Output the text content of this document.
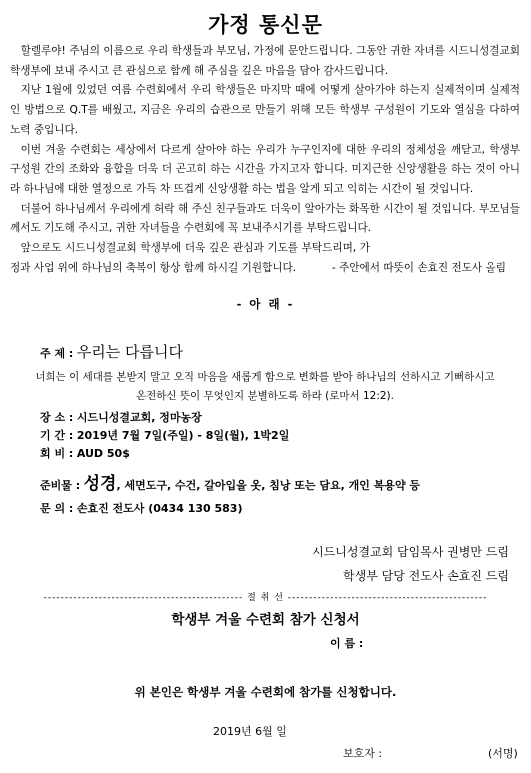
가정 통신문

할렐루야! 주님의 이름으로 우리 학생들과 부모님, 가정에 문안드립니다. 그동안 귀한 자녀를 시드니성결교회 학생부에 보내 주시고 큰 관심으로 함께 해 주심을 깊은 마음을 담아 감사드립니다.

지난 1월에 있었던 여름 수련회에서 우리 학생들은 마지막 때에 어떻게 살아가야 하는지 실제적이며 실제적인 방법으로 Q.T를 배웠고, 지금은 우리의 습관으로 만들기 위해 모든 학생부 구성원이 기도와 열심을 다하여 노력 중입니다.

이번 겨울 수련회는 세상에서 다르게 살아야 하는 우리가 누구인지에 대한 우리의 정체성을 깨닫고, 학생부 구성원 간의 조화와 융합을 더욱 더 곤고히 하는 시간을 가지고자 합니다. 미지근한 신앙생활을 하는 것이 아니라 하나님에 대한 열정으로 가득 차 뜨겁게 신앙생활 하는 법을 알게 되고 익히는 시간이 될 것입니다.

더불어 하나님께서 우리에게 허락 해 주신 친구들과도 더욱이 알아가는 화목한 시간이 될 것입니다. 부모님들께서도 기도해 주시고, 귀한 자녀들을 수련회에 꼭 보내주시기를 부탁드립니다.

앞으로도 시드니성결교회 학생부에 더욱 깊은 관심과 기도를 부탁드리며, 가정과 사업 위에 하나님의 축복이 항상 함께 하시길 기원합니다.	- 주안에서 따뜻이 손효진 전도사 올림
- 아 래 -
주 제 : 우리는 다릅니다
너희는 이 세대를 본받지 말고 오직 마음을 새롭게 함으로 변화를 받아 하나님의 선하시고 기뻐하시고
온전하신 뜻이 무엇인지 분별하도록 하라 (로마서 12:2).
장 소 : 시드니성결교회, 정마농장
기 간 : 2019년 7월 7일(주일) - 8일(월), 1박2일
회 비 : AUD 50$
준비물 : 성경, 세면도구, 수건, 갈아입을 옷, 침낭 또는 담요, 개인 복용약 등
문 의 : 손효진 전도사 (0434 130 583)
시드니성결교회 담임목사 권병만 드림
학생부 담당 전도사 손효진 드림
----------------------------------------------- 절 취 선 -----------------------------------------------
학생부 겨울 수련회 참가 신청서
이 름 :
위 본인은 학생부 겨울 수련회에 참가를 신청합니다.
2019년 6월 일
보호자 :	(서명)
